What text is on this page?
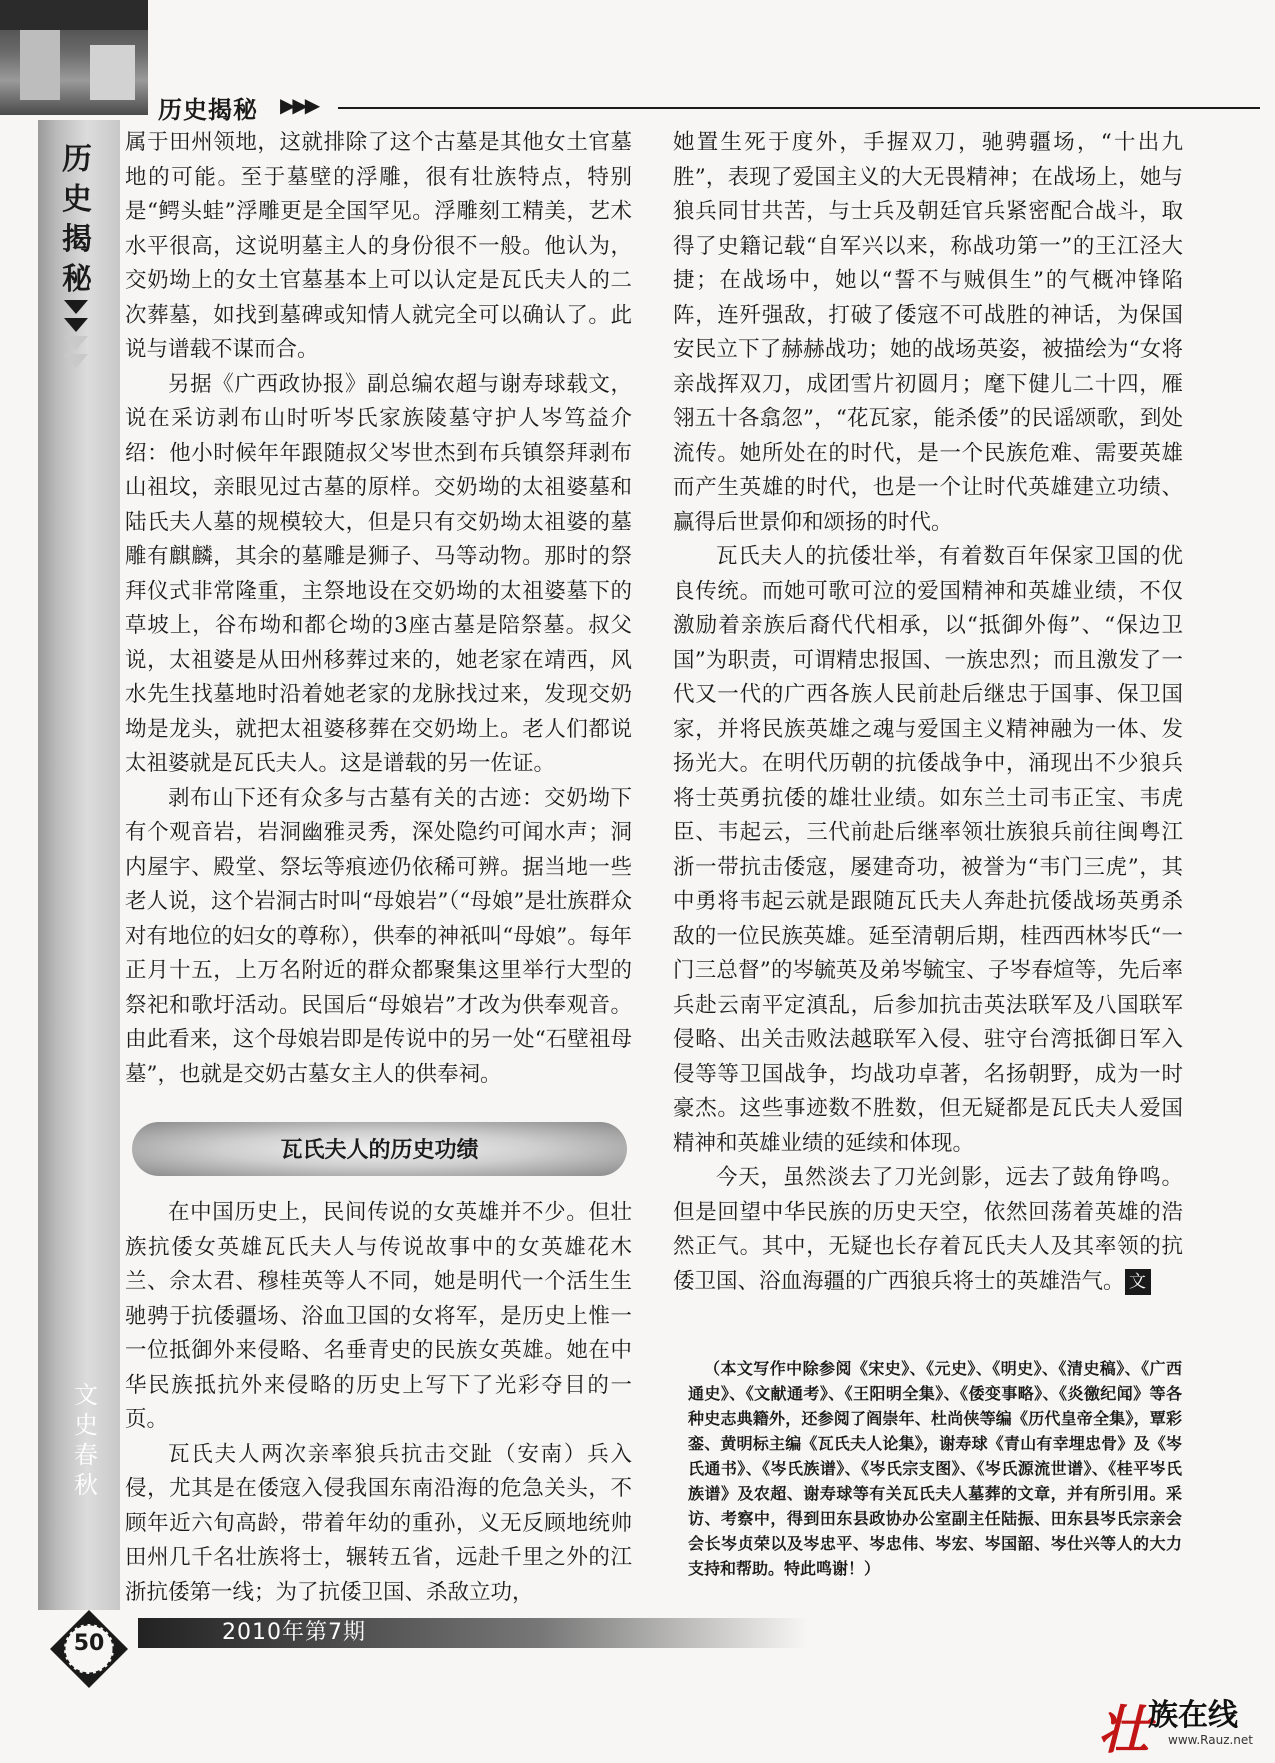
历史揭秘 ▶▶▶
历
史
揭
秘
文
史
春
秋

属于田州领地，这就排除了这个古墓是其他女土官墓地的可能。至于墓壁的浮雕，很有壮族特点，特别是“鳄头蛙”浮雕更是全国罕见。浮雕刻工精美，艺术水平很高，这说明墓主人的身份很不一般。他认为，交奶坳上的女土官墓基本上可以认定是瓦氏夫人的二次葬墓，如找到墓碑或知情人就完全可以确认了。此说与谱载不谋而合。

另据《广西政协报》副总编农超与谢寿球载文，说在采访剥布山时听岑氏家族陵墓守护人岑笃益介绍：他小时候年年跟随叔父岑世杰到布兵镇祭拜剥布山祖坟，亲眼见过古墓的原样。交奶坳的太祖婆墓和陆氏夫人墓的规模较大，但是只有交奶坳太祖婆的墓雕有麒麟，其余的墓雕是狮子、马等动物。那时的祭拜仪式非常隆重，主祭地设在交奶坳的太祖婆墓下的草坡上，谷布坳和都仑坳的3座古墓是陪祭墓。叔父说，太祖婆是从田州移葬过来的，她老家在靖西，风水先生找墓地时沿着她老家的龙脉找过来，发现交奶坳是龙头，就把太祖婆移葬在交奶坳上。老人们都说太祖婆就是瓦氏夫人。这是谱载的另一佐证。

剥布山下还有众多与古墓有关的古迹：交奶坳下有个观音岩，岩洞幽雅灵秀，深处隐约可闻水声；洞内屋宇、殿堂、祭坛等痕迹仍依稀可辨。据当地一些老人说，这个岩洞古时叫“母娘岩”（“母娘”是壮族群众对有地位的妇女的尊称），供奉的神祇叫“母娘”。每年正月十五，上万名附近的群众都聚集这里举行大型的祭祀和歌圩活动。民国后“母娘岩”才改为供奉观音。由此看来，这个母娘岩即是传说中的另一处“石壁祖母墓”，也就是交奶古墓女主人的供奉祠。

瓦氏夫人的历史功绩

在中国历史上，民间传说的女英雄并不少。但壮族抗倭女英雄瓦氏夫人与传说故事中的女英雄花木兰、佘太君、穆桂英等人不同，她是明代一个活生生驰骋于抗倭疆场、浴血卫国的女将军，是历史上惟一一位抵御外来侵略、名垂青史的民族女英雄。她在中华民族抵抗外来侵略的历史上写下了光彩夺目的一页。

瓦氏夫人两次亲率狼兵抗击交趾（安南）兵入侵，尤其是在倭寇入侵我国东南沿海的危急关头，不顾年近六旬高龄，带着年幼的重孙，义无反顾地统帅田州几千名壮族将士，辗转五省，远赴千里之外的江浙抗倭第一线；为了抗倭卫国、杀敌立功，

她置生死于度外，手握双刀，驰骋疆场，“十出九胜”，表现了爱国主义的大无畏精神；在战场上，她与狼兵同甘共苦，与士兵及朝廷官兵紧密配合战斗，取得了史籍记载“自军兴以来，称战功第一”的王江泾大捷；在战场中，她以“誓不与贼俱生”的气概冲锋陷阵，连歼强敌，打破了倭寇不可战胜的神话，为保国安民立下了赫赫战功；她的战场英姿，被描绘为“女将亲战挥双刀，成团雪片初圆月；麾下健儿二十四，雁翎五十各翕忽”，“花瓦家，能杀倭”的民谣颂歌，到处流传。她所处在的时代，是一个民族危难、需要英雄而产生英雄的时代，也是一个让时代英雄建立功绩、赢得后世景仰和颂扬的时代。

瓦氏夫人的抗倭壮举，有着数百年保家卫国的优良传统。而她可歌可泣的爱国精神和英雄业绩，不仅激励着亲族后裔代代相承，以“抵御外侮”、“保边卫国”为职责，可谓精忠报国、一族忠烈；而且激发了一代又一代的广西各族人民前赴后继忠于国事、保卫国家，并将民族英雄之魂与爱国主义精神融为一体、发扬光大。在明代历朝的抗倭战争中，涌现出不少狼兵将士英勇抗倭的雄壮业绩。如东兰土司韦正宝、韦虎臣、韦起云，三代前赴后继率领壮族狼兵前往闽粤江浙一带抗击倭寇，屡建奇功，被誉为“韦门三虎”，其中勇将韦起云就是跟随瓦氏夫人奔赴抗倭战场英勇杀敌的一位民族英雄。延至清朝后期，桂西西林岑氏“一门三总督”的岑毓英及弟岑毓宝、子岑春煊等，先后率兵赴云南平定滇乱，后参加抗击英法联军及八国联军侵略、出关击败法越联军入侵、驻守台湾抵御日军入侵等等卫国战争，均战功卓著，名扬朝野，成为一时豪杰。这些事迹数不胜数，但无疑都是瓦氏夫人爱国精神和英雄业绩的延续和体现。

今天，虽然淡去了刀光剑影，远去了鼓角铮鸣。但是回望中华民族的历史天空，依然回荡着英雄的浩然正气。其中，无疑也长存着瓦氏夫人及其率领的抗倭卫国、浴血海疆的广西狼兵将士的英雄浩气。 文

（本文写作中除参阅《宋史》、《元史》、《明史》、《清史稿》、《广西通史》、《文献通考》、《王阳明全集》、《倭变事略》、《炎徼纪闻》等各种史志典籍外，还参阅了阎崇年、杜尚侠等编《历代皇帝全集》，覃彩銮、黄明标主编《瓦氏夫人论集》，谢寿球《青山有幸埋忠骨》及《岑氏通书》、《岑氏族谱》、《岑氏宗支图》、《岑氏源流世谱》、《桂平岑氏族谱》及农超、谢寿球等有关瓦氏夫人墓葬的文章，并有所引用。采访、考察中，得到田东县政协办公室副主任陆振、田东县岑氏宗亲会会长岑贞荣以及岑忠平、岑忠伟、岑宏、岑国韶、岑仕兴等人的大力支持和帮助。特此鸣谢！）

50	2010年第7期
壮
族在线
www.Rauz.net
